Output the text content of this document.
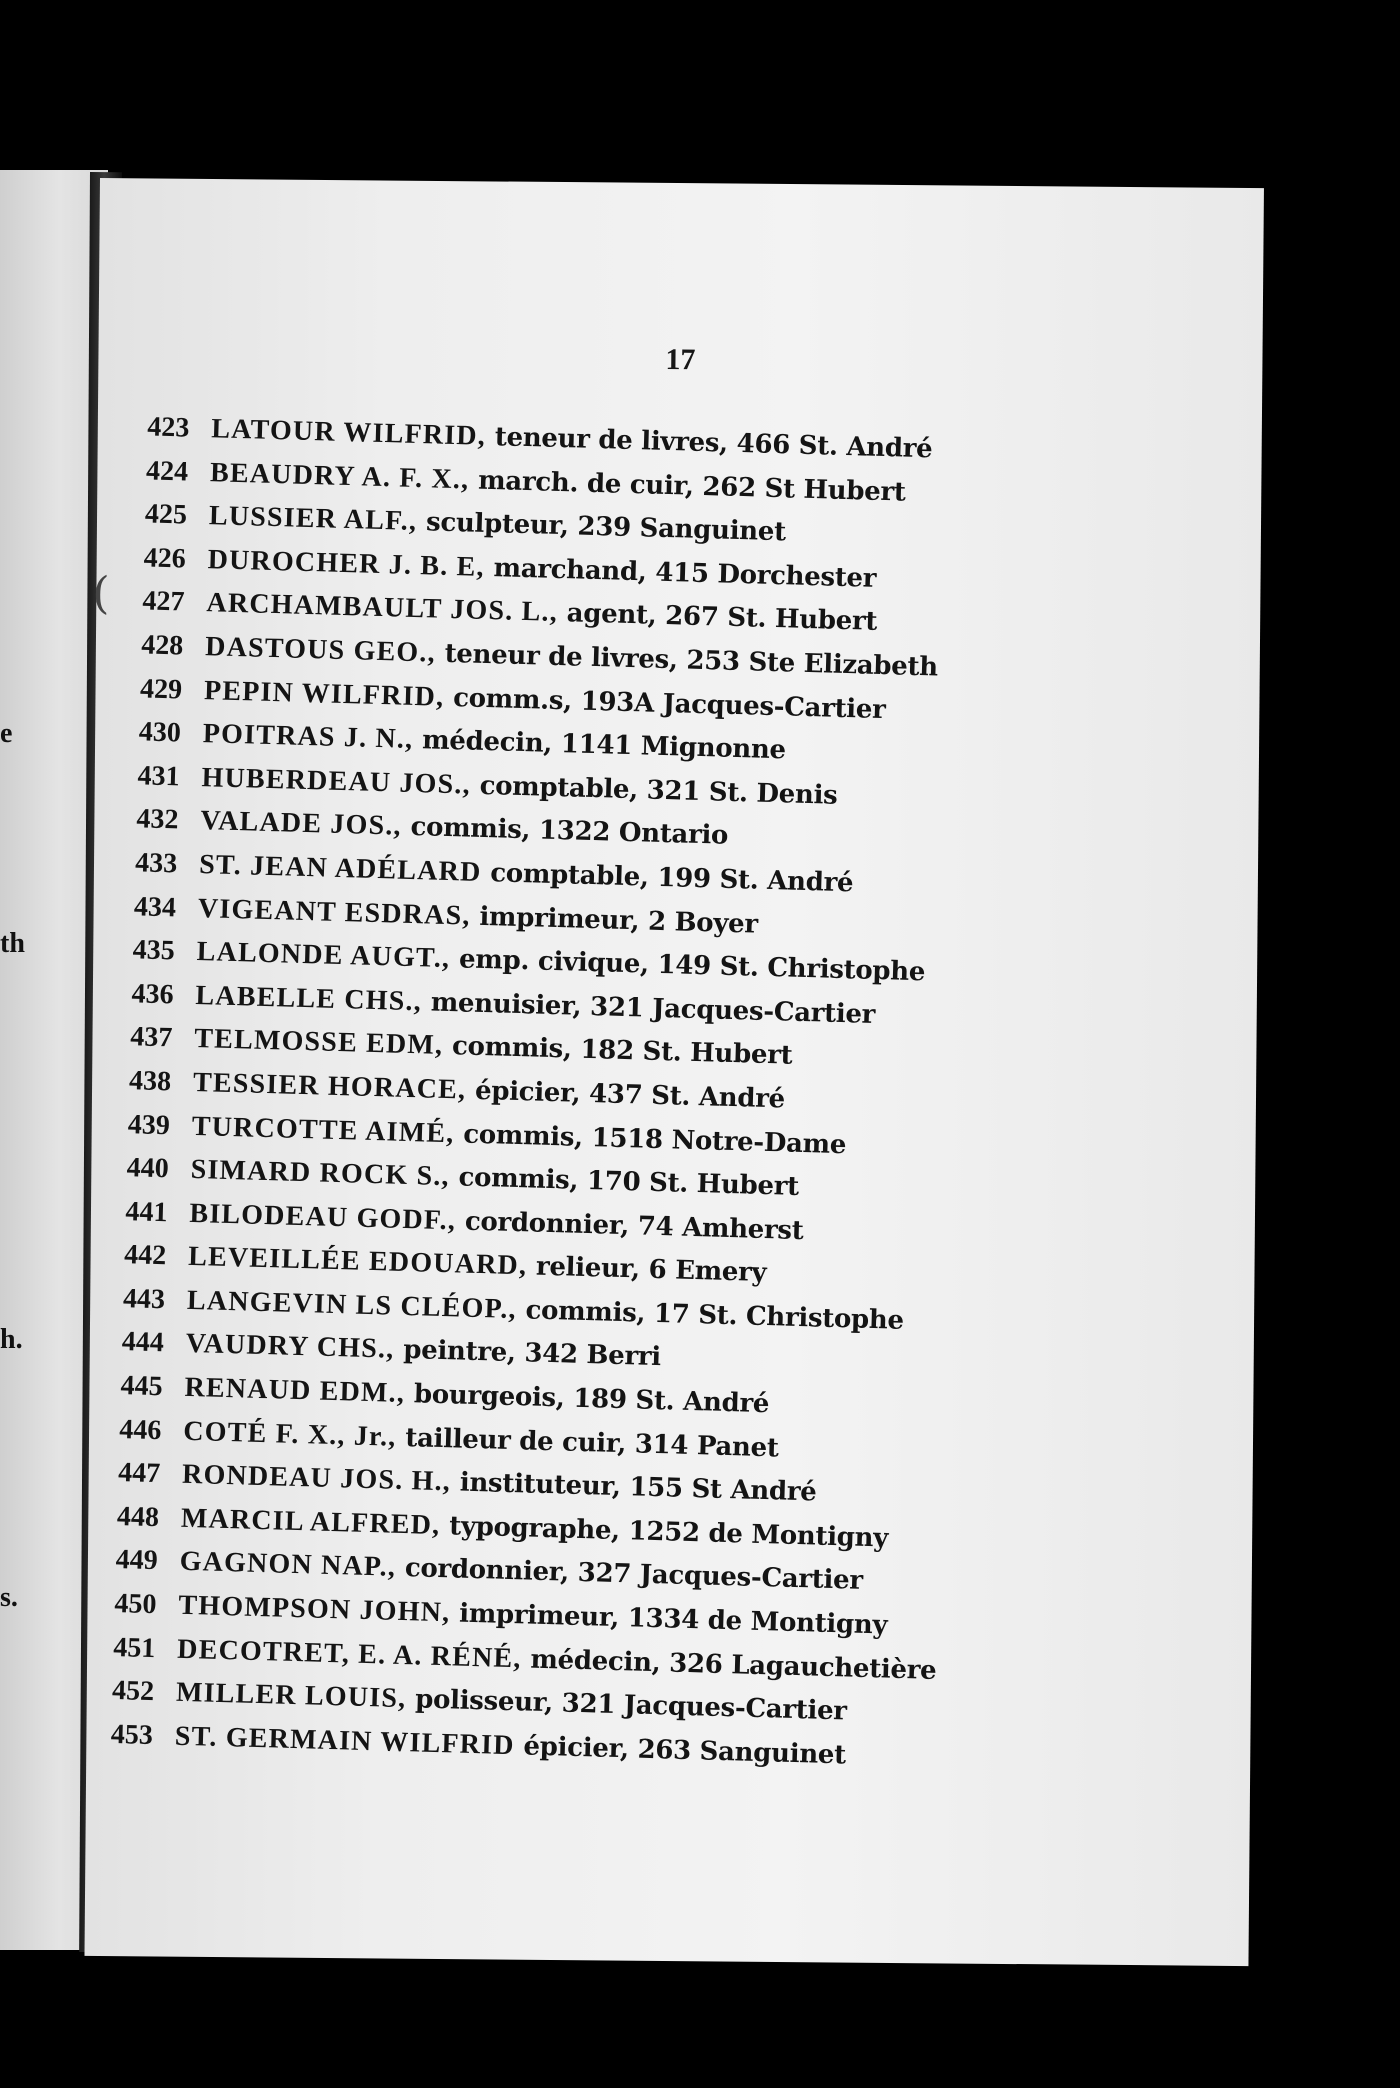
e
th
h.
s.
17
(
423 LATOUR WILFRID, teneur de livres, 466 St. André
424 BEAUDRY A. F. X., march. de cuir, 262 St Hubert
425 LUSSIER ALF., sculpteur, 239 Sanguinet
426 DUROCHER J. B. E, marchand, 415 Dorchester
427 ARCHAMBAULT JOS. L., agent, 267 St. Hubert
428 DASTOUS GEO., teneur de livres, 253 Ste Elizabeth
429 PEPIN WILFRID, comm.s, 193A Jacques-Cartier
430 POITRAS J. N., médecin, 1141 Mignonne
431 HUBERDEAU JOS., comptable, 321 St. Denis
432 VALADE JOS., commis, 1322 Ontario
433 ST. JEAN ADÉLARD comptable, 199 St. André
434 VIGEANT ESDRAS, imprimeur, 2 Boyer
435 LALONDE AUGT., emp. civique, 149 St. Christophe
436 LABELLE CHS., menuisier, 321 Jacques-Cartier
437 TELMOSSE EDM, commis, 182 St. Hubert
438 TESSIER HORACE, épicier, 437 St. André
439 TURCOTTE AIMÉ, commis, 1518 Notre-Dame
440 SIMARD ROCK S., commis, 170 St. Hubert
441 BILODEAU GODF., cordonnier, 74 Amherst
442 LEVEILLÉE EDOUARD, relieur, 6 Emery
443 LANGEVIN LS CLÉOP., commis, 17 St. Christophe
444 VAUDRY CHS., peintre, 342 Berri
445 RENAUD EDM., bourgeois, 189 St. André
446 COTÉ F. X., Jr., tailleur de cuir, 314 Panet
447 RONDEAU JOS. H., instituteur, 155 St André
448 MARCIL ALFRED, typographe, 1252 de Montigny
449 GAGNON NAP., cordonnier, 327 Jacques-Cartier
450 THOMPSON JOHN, imprimeur, 1334 de Montigny
451 DECOTRET, E. A. RÉNÉ, médecin, 326 Lagauchetière
452 MILLER LOUIS, polisseur, 321 Jacques-Cartier
453 ST. GERMAIN WILFRID épicier, 263 Sanguinet
